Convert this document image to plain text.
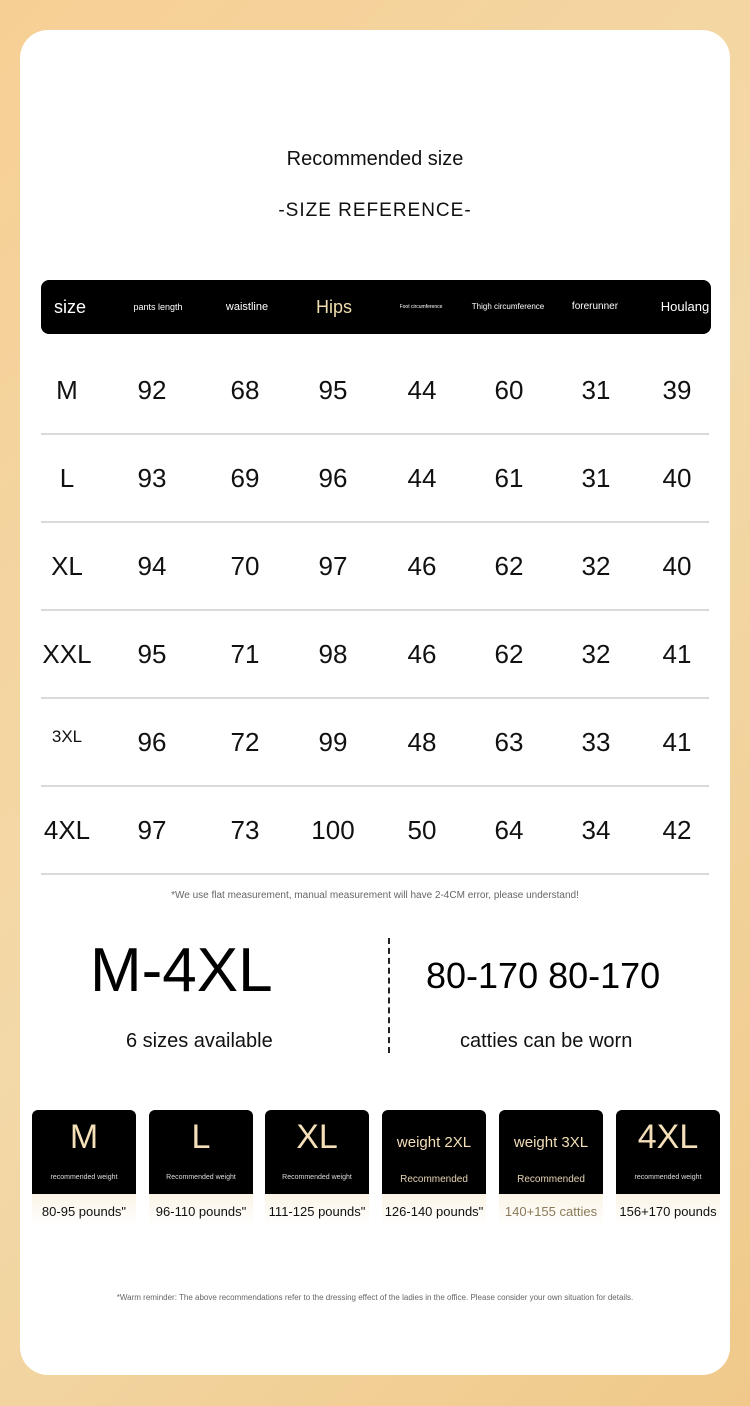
Recommended size
-SIZE REFERENCE-
size	pants length	waistline	Hips	Foot circumference	Thigh circumference	forerunner	Houlang
M	92	68	95	44	60	31	39
L	93	69	96	44	61	31	40
XL	94	70	97	46	62	32	40
XXL	95	71	98	46	62	32	41
3XL	96	72	99	48	63	33	41
4XL	97	73	100	50	64	34	42
*We use flat measurement, manual measurement will have 2-4CM error, please understand!
M-4XL
6 sizes available
80-170 80-170
catties can be worn
M
recommended weight
80-95 pounds"
L
Recommended weight
96-110 pounds"
XL
Recommended weight
111-125 pounds"
weight 2XL
Recommended
126-140 pounds"
weight 3XL
Recommended
140+155 catties
4XL
recommended weight
156+170 pounds
*Warm reminder: The above recommendations refer to the dressing effect of the ladies in the office. Please consider your own situation for details.
